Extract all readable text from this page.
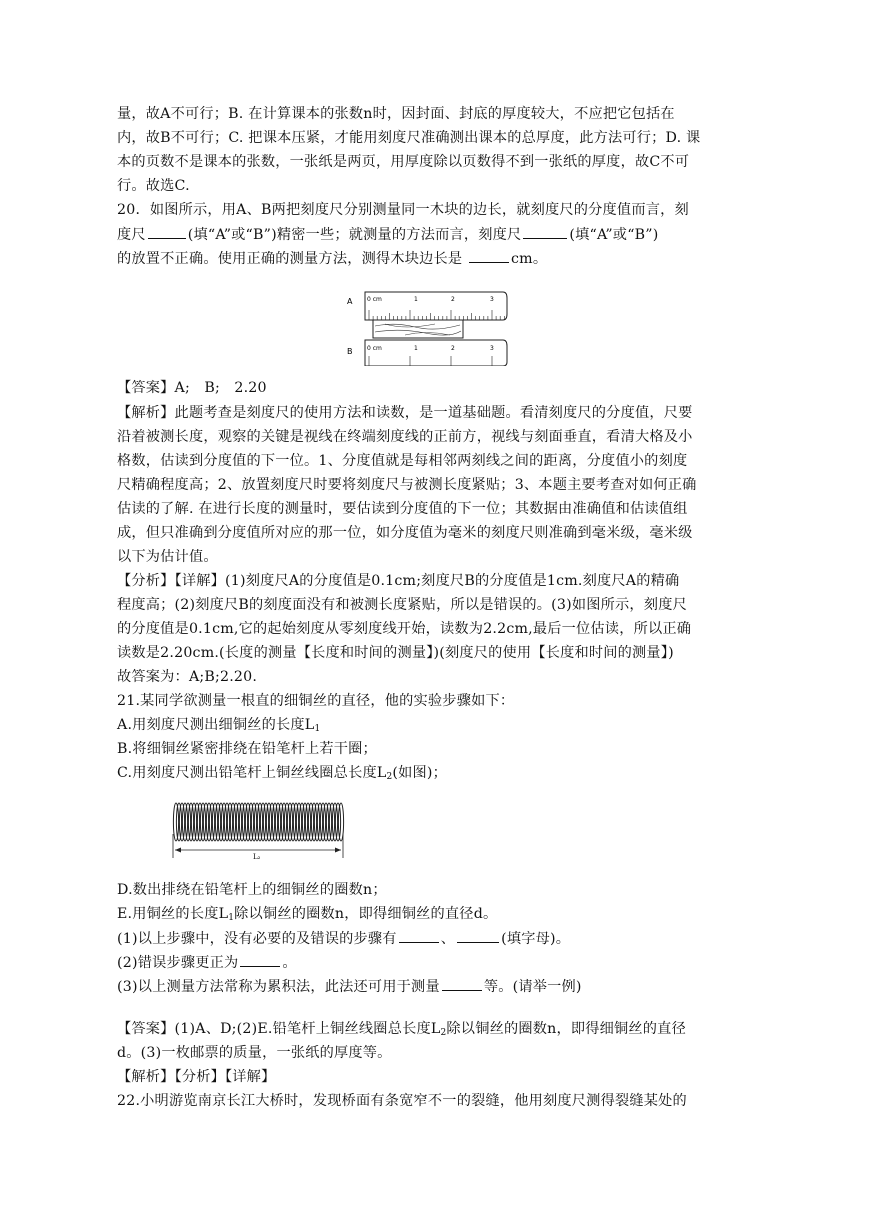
量，故A不可行；B. 在计算课本的张数n时，因封面、封底的厚度较大，不应把它包括在
内，故B不可行；C. 把课本压紧，才能用刻度尺准确测出课本的总厚度，此方法可行；D. 课
本的页数不是课本的张数，一张纸是两页，用厚度除以页数得不到一张纸的厚度，故C不可
行。故选C.
20．如图所示，用A、B两把刻度尺分别测量同一木块的边长，就刻度尺的分度值而言，刻
度尺	(填“A”或“B”)精密一些；就测量的方法而言，刻度尺	(填“A”或“B”)
的放置不正确。使用正确的测量方法，测得木块边长是	cm。
A 0 cm	1	2	3
B 0 cm	1	2	3
【答案】A;　B;　2.20
【解析】此题考查是刻度尺的使用方法和读数，是一道基础题。看清刻度尺的分度值，尺要
沿着被测长度，观察的关键是视线在终端刻度线的正前方，视线与刻面垂直，看清大格及小
格数，估读到分度值的下一位。1、分度值就是每相邻两刻线之间的距离，分度值小的刻度
尺精确程度高；2、放置刻度尺时要将刻度尺与被测长度紧贴；3、本题主要考查对如何正确
估读的了解. 在进行长度的测量时，要估读到分度值的下一位；其数据由准确值和估读值组
成，但只准确到分度值所对应的那一位，如分度值为毫米的刻度尺则准确到毫米级，毫米级
以下为估计值。
【分析】【详解】(1)刻度尺A的分度值是0.1cm;刻度尺B的分度值是1cm.刻度尺A的精确
程度高；(2)刻度尺B的刻度面没有和被测长度紧贴，所以是错误的。(3)如图所示，刻度尺
的分度值是0.1cm,它的起始刻度从零刻度线开始，读数为2.2cm,最后一位估读，所以正确
读数是2.20cm.(长度的测量【长度和时间的测量】)(刻度尺的使用【长度和时间的测量】)
故答案为：A;B;2.20.
21.某同学欲测量一根直的细铜丝的直径，他的实验步骤如下：
A.用刻度尺测出细铜丝的长度$L_1$
B.将细铜丝紧密排绕在铅笔杆上若干圈；
C.用刻度尺测出铅笔杆上铜丝线圈总长度$L_2$(如图)；
L₂
D.数出排绕在铅笔杆上的细铜丝的圈数n；
E.用铜丝的长度$L_1$除以铜丝的圈数n，即得细铜丝的直径d。
(1)以上步骤中，没有必要的及错误的步骤有	、	(填字母)。
(2)错误步骤更正为	。
(3)以上测量方法常称为累积法，此法还可用于测量	等。(请举一例)
【答案】(1)A、D;(2)E.铅笔杆上铜丝线圈总长度$L_2$除以铜丝的圈数n，即得细铜丝的直径
d。(3)一枚邮票的质量，一张纸的厚度等。
【解析】【分析】【详解】
22.小明游览南京长江大桥时，发现桥面有条宽窄不一的裂缝，他用刻度尺测得裂缝某处的
